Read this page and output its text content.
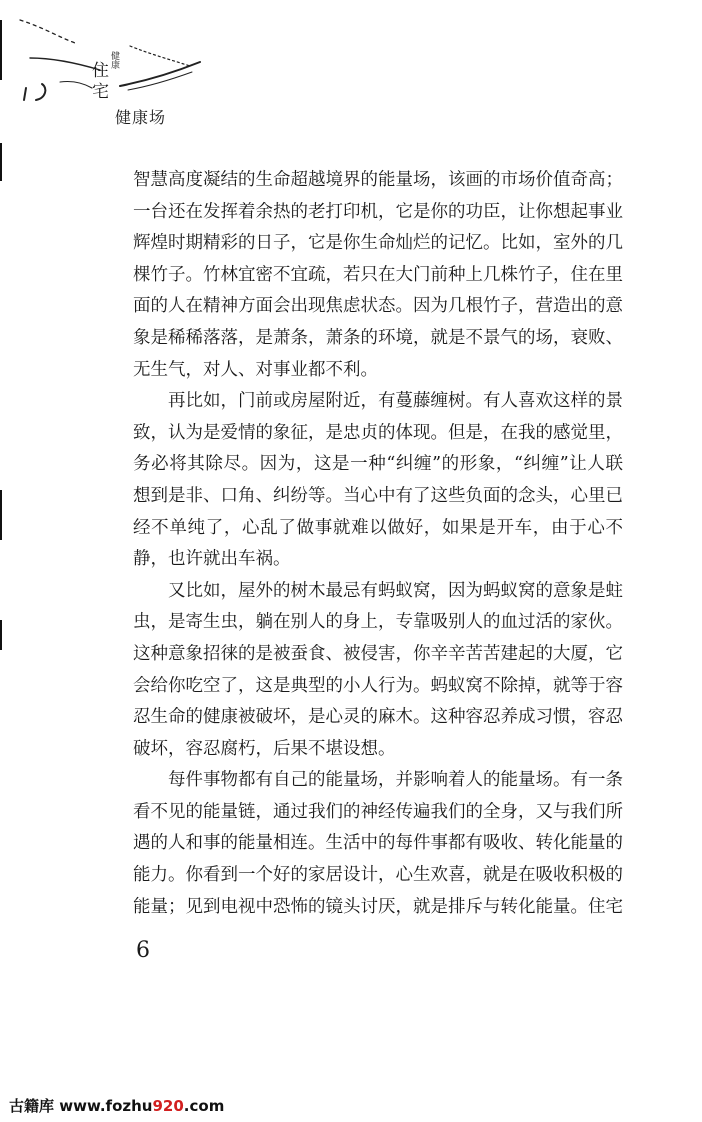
健康
住
宅
健康场

智慧高度凝结的生命超越境界的能量场，该画的市场价值奇高；一台还在发挥着余热的老打印机，它是你的功臣，让你想起事业辉煌时期精彩的日子，它是你生命灿烂的记忆。比如，室外的几棵竹子。竹林宜密不宜疏，若只在大门前种上几株竹子，住在里面的人在精神方面会出现焦虑状态。因为几根竹子，营造出的意象是稀稀落落，是萧条，萧条的环境，就是不景气的场，衰败、无生气，对人、对事业都不利。

再比如，门前或房屋附近，有蔓藤缠树。有人喜欢这样的景致，认为是爱情的象征，是忠贞的体现。但是，在我的感觉里，务必将其除尽。因为，这是一种“纠缠”的形象，“纠缠”让人联想到是非、口角、纠纷等。当心中有了这些负面的念头，心里已经不单纯了，心乱了做事就难以做好，如果是开车，由于心不静，也许就出车祸。

又比如，屋外的树木最忌有蚂蚁窝，因为蚂蚁窝的意象是蛀虫，是寄生虫，躺在别人的身上，专靠吸别人的血过活的家伙。这种意象招徕的是被蚕食、被侵害，你辛辛苦苦建起的大厦，它会给你吃空了，这是典型的小人行为。蚂蚁窝不除掉，就等于容忍生命的健康被破坏，是心灵的麻木。这种容忍养成习惯，容忍破坏，容忍腐朽，后果不堪设想。

每件事物都有自己的能量场，并影响着人的能量场。有一条看不见的能量链，通过我们的神经传遍我们的全身，又与我们所遇的人和事的能量相连。生活中的每件事都有吸收、转化能量的能力。你看到一个好的家居设计，心生欢喜，就是在吸收积极的能量；见到电视中恐怖的镜头讨厌，就是排斥与转化能量。住宅

6
古籍库 www.fozhu920.com
